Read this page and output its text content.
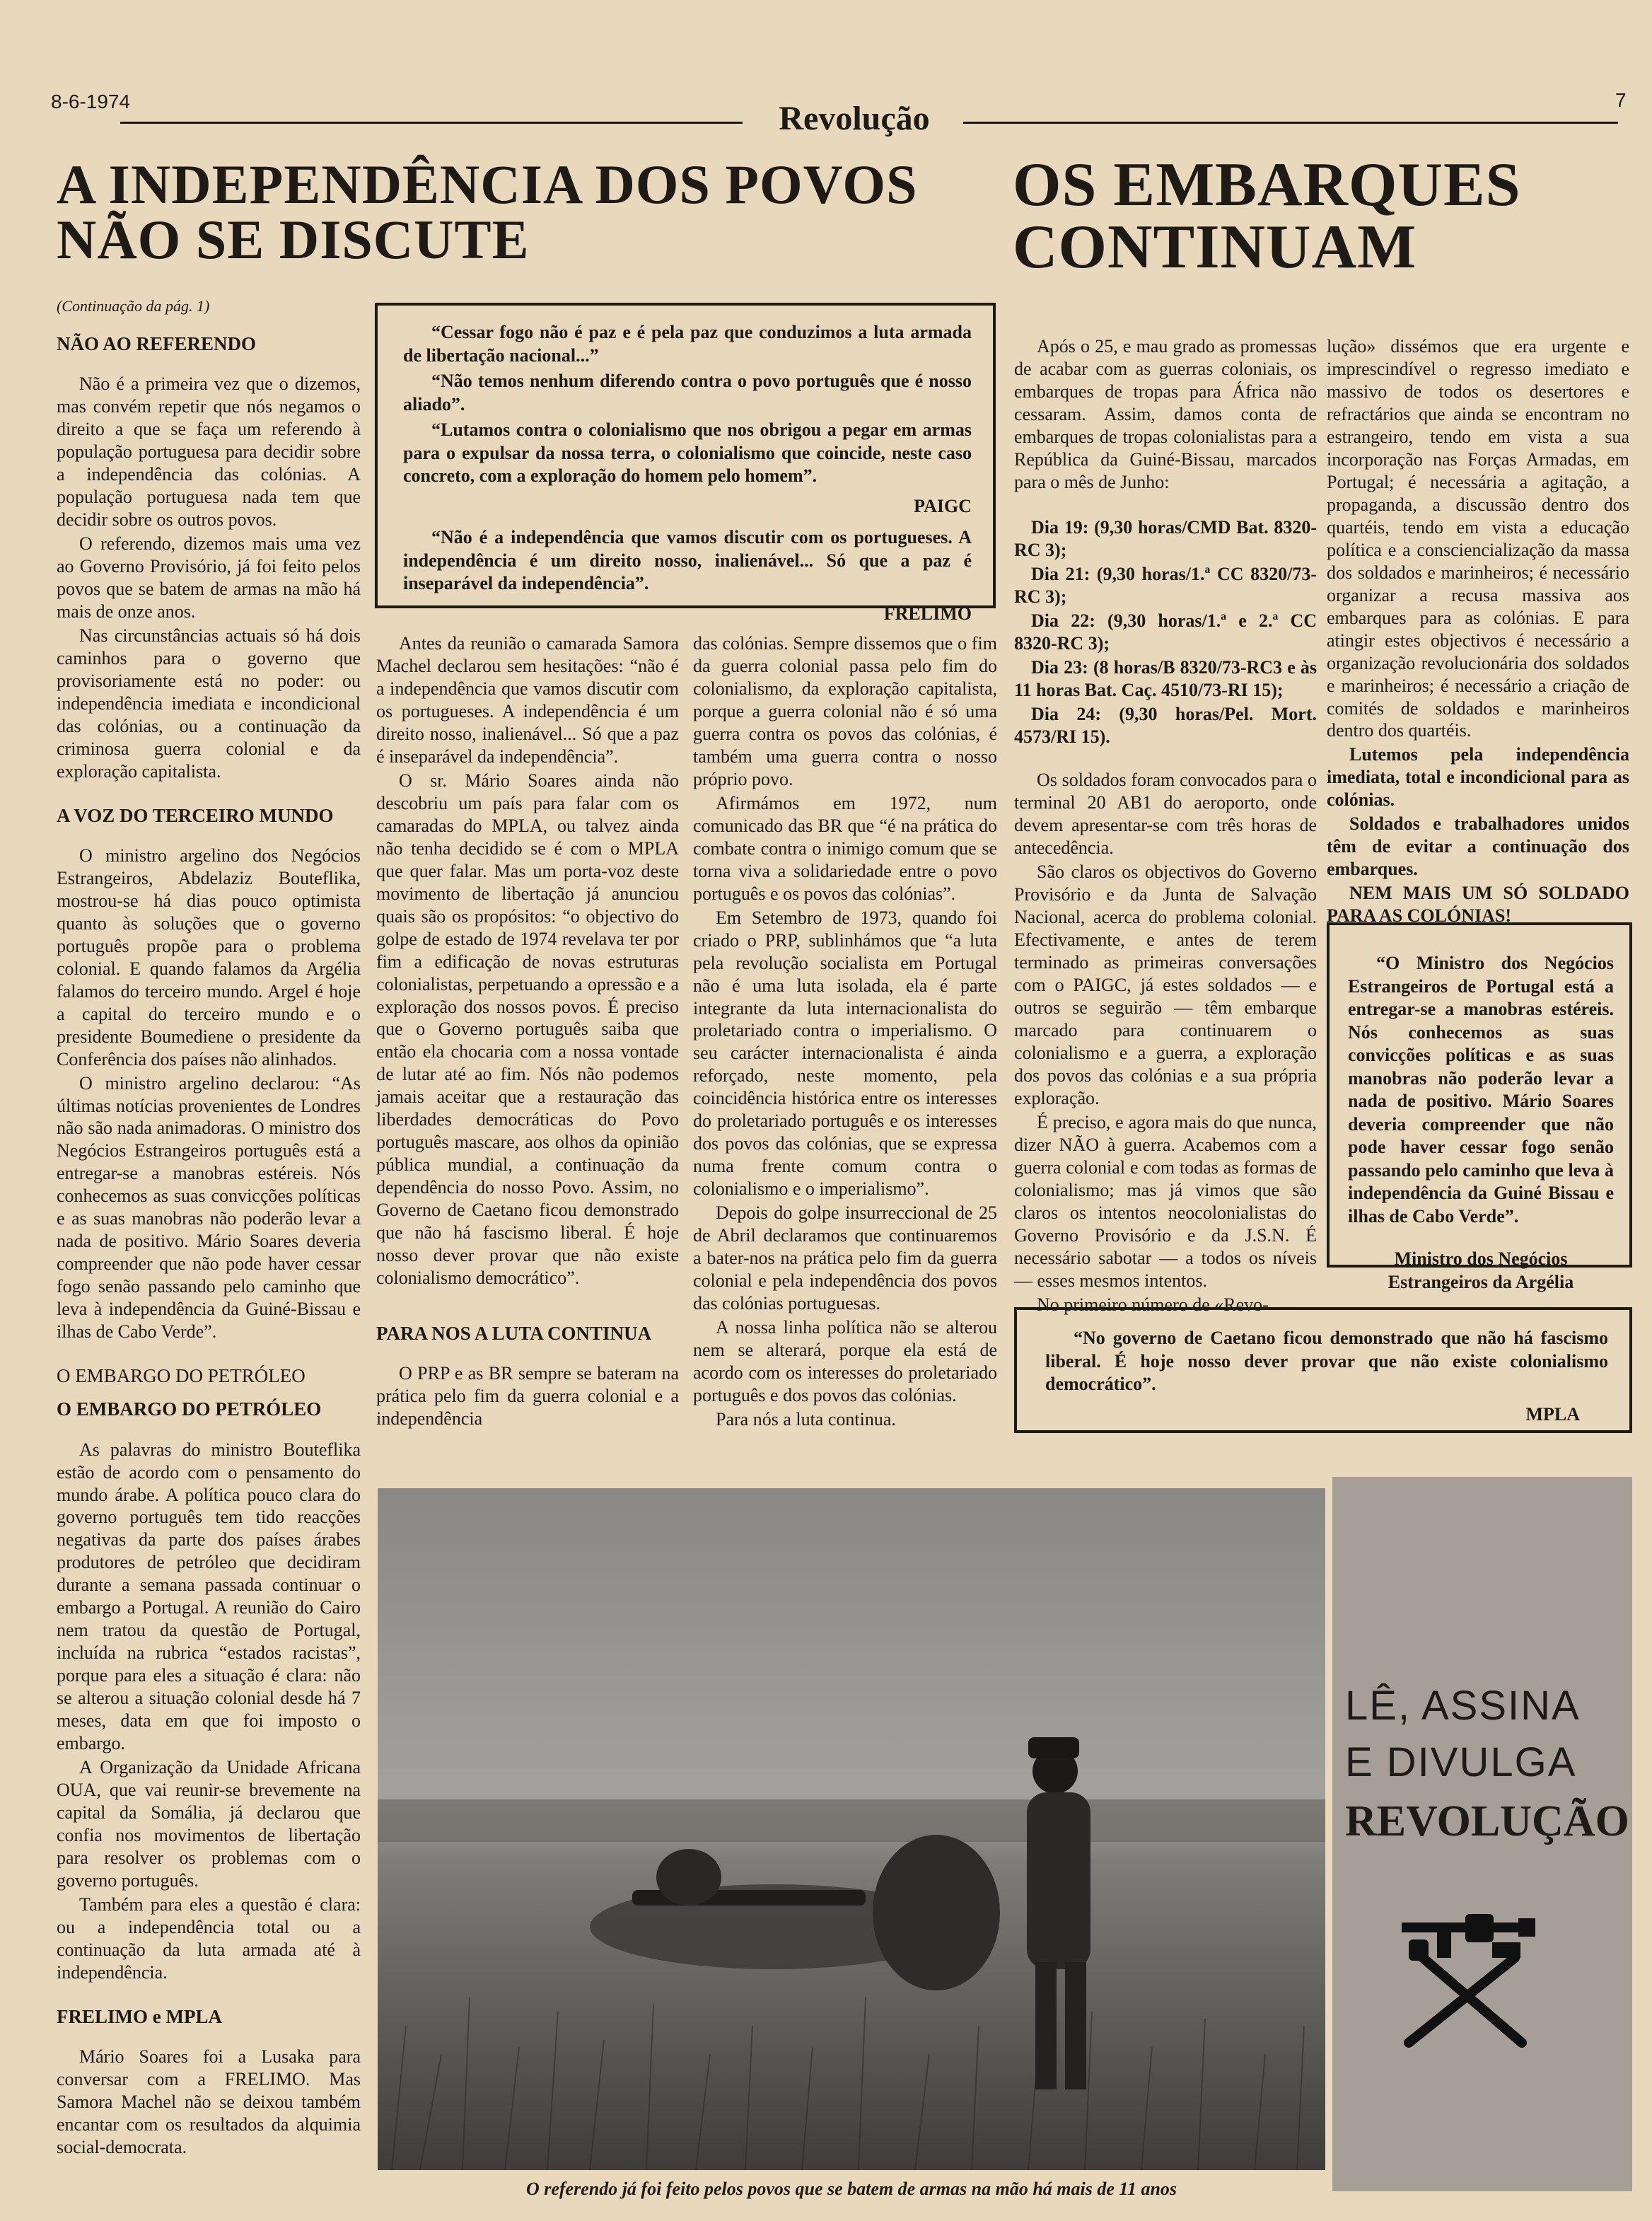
8-6-1974	Revolução	7
A INDEPENDÊNCIA DOS POVOS
NÃO SE DISCUTE
OS EMBARQUES
CONTINUAM
(Continuação da pág. 1)
NÃO AO REFERENDO

Não é a primeira vez que o dizemos, mas convém repetir que nós negamos o direito a que se faça um referendo à população portuguesa para decidir sobre a independência das colónias. A população portuguesa nada tem que decidir sobre os outros povos.

O referendo, dizemos mais uma vez ao Governo Provisório, já foi feito pelos povos que se batem de armas na mão há mais de onze anos.

Nas circunstâncias actuais só há dois caminhos para o governo que provisoriamente está no poder: ou independência imediata e incondicional das colónias, ou a continuação da criminosa guerra colonial e da exploração capitalista.

A VOZ DO TERCEIRO MUNDO

O ministro argelino dos Negócios Estrangeiros, Abdelaziz Bouteflika, mostrou-se há dias pouco optimista quanto às soluções que o governo português propõe para o problema colonial. E quando falamos da Argélia falamos do terceiro mundo. Argel é hoje a capital do terceiro mundo e o presidente Boumediene o presidente da Conferência dos países não alinhados.

O ministro argelino declarou: “As últimas notícias provenientes de Londres não são nada animadoras. O ministro dos Negócios Estrangeiros português está a entregar-se a manobras estéreis. Nós conhecemos as suas convicções políticas e as suas manobras não poderão levar a nada de positivo. Mário Soares deveria compreender que não pode haver cessar fogo senão passando pelo caminho que leva à independência da Guiné-Bissau e ilhas de Cabo Verde”.

O EMBARGO DO PETRÓLEO
O EMBARGO DO PETRÓLEO

As palavras do ministro Bouteflika estão de acordo com o pensamento do mundo árabe. A política pouco clara do governo português tem tido reacções negativas da parte dos países árabes produtores de petróleo que decidiram durante a semana passada continuar o embargo a Portugal. A reunião do Cairo nem tratou da questão de Portugal, incluída na rubrica “estados racistas”, porque para eles a situação é clara: não se alterou a situação colonial desde há 7 meses, data em que foi imposto o embargo.

A Organização da Unidade Africana OUA, que vai reunir-se brevemente na capital da Somália, já declarou que confia nos movimentos de libertação para resolver os problemas com o governo português.

Também para eles a questão é clara: ou a independência total ou a continuação da luta armada até à independência.

FRELIMO e MPLA

Mário Soares foi a Lusaka para conversar com a FRELIMO. Mas Samora Machel não se deixou também encantar com os resultados da alquimia social-democrata.

“Cessar fogo não é paz e é pela paz que conduzimos a luta armada de libertação nacional...”

“Não temos nenhum diferendo contra o povo português que é nosso aliado”.

“Lutamos contra o colonialismo que nos obrigou a pegar em armas para o expulsar da nossa terra, o colonialismo que coincide, neste caso concreto, com a exploração do homem pelo homem”.

PAIGC

“Não é a independência que vamos discutir com os portugueses. A independência é um direito nosso, inalienável... Só que a paz é inseparável da independência”.

FRELIMO

Antes da reunião o camarada Samora Machel declarou sem hesitações: “não é a independência que vamos discutir com os portugueses. A independência é um direito nosso, inalienável... Só que a paz é inseparável da independência”.

O sr. Mário Soares ainda não descobriu um país para falar com os camaradas do MPLA, ou talvez ainda não tenha decidido se é com o MPLA que quer falar. Mas um porta-voz deste movimento de libertação já anunciou quais são os propósitos: “o objectivo do golpe de estado de 1974 revelava ter por fim a edificação de novas estruturas colonialistas, perpetuando a opressão e a exploração dos nossos povos. É preciso que o Governo português saiba que então ela chocaria com a nossa vontade de lutar até ao fim. Nós não podemos jamais aceitar que a restauração das liberdades democráticas do Povo português mascare, aos olhos da opinião pública mundial, a continuação da dependência do nosso Povo. Assim, no Governo de Caetano ficou demonstrado que não há fascismo liberal. É hoje nosso dever provar que não existe colonialismo democrático”.

PARA NOS A LUTA CONTINUA

O PRP e as BR sempre se bateram na prática pelo fim da guerra colonial e a independência

das colónias. Sempre dissemos que o fim da guerra colonial passa pelo fim do colonialismo, da exploração capitalista, porque a guerra colonial não é só uma guerra contra os povos das colónias, é também uma guerra contra o nosso próprio povo.

Afirmámos em 1972, num comunicado das BR que “é na prática do combate contra o inimigo comum que se torna viva a solidariedade entre o povo português e os povos das colónias”.

Em Setembro de 1973, quando foi criado o PRP, sublinhámos que “a luta pela revolução socialista em Portugal não é uma luta isolada, ela é parte integrante da luta internacionalista do proletariado contra o imperialismo. O seu carácter internacionalista é ainda reforçado, neste momento, pela coincidência histórica entre os interesses do proletariado português e os interesses dos povos das colónias, que se expressa numa frente comum contra o colonialismo e o imperialismo”.

Depois do golpe insurreccional de 25 de Abril declaramos que continuaremos a bater-nos na prática pelo fim da guerra colonial e pela independência dos povos das colónias portuguesas.

A nossa linha política não se alterou nem se alterará, porque ela está de acordo com os interesses do proletariado português e dos povos das colónias.

Para nós a luta continua.

Após o 25, e mau grado as promessas de acabar com as guerras coloniais, os embarques de tropas para África não cessaram. Assim, damos conta de embarques de tropas colonialistas para a República da Guiné-Bissau, marcados para o mês de Junho:

Dia 19: (9,30 horas/CMD Bat. 8320-RC 3);

Dia 21: (9,30 horas/1.ª CC 8320/73-RC 3);

Dia 22: (9,30 horas/1.ª e 2.ª CC 8320-RC 3);

Dia 23: (8 horas/B 8320/73-RC3 e às 11 horas Bat. Caç. 4510/73-RI 15);

Dia 24: (9,30 horas/Pel. Mort. 4573/RI 15).

Os soldados foram convocados para o terminal 20 AB1 do aeroporto, onde devem apresentar-se com três horas de antecedência.

São claros os objectivos do Governo Provisório e da Junta de Salvação Nacional, acerca do problema colonial. Efectivamente, e antes de terem terminado as primeiras conversações com o PAIGC, já estes soldados — e outros se seguirão — têm embarque marcado para continuarem o colonialismo e a guerra, a exploração dos povos das colónias e a sua própria exploração.

É preciso, e agora mais do que nunca, dizer NÃO à guerra. Acabemos com a guerra colonial e com todas as formas de colonialismo; mas já vimos que são claros os intentos neocolonialistas do Governo Provisório e da J.S.N. É necessário sabotar — a todos os níveis — esses mesmos intentos.

No primeiro número de «Revo-

lução» dissémos que era urgente e imprescindível o regresso imediato e massivo de todos os desertores e refractários que ainda se encontram no estrangeiro, tendo em vista a sua incorporação nas Forças Armadas, em Portugal; é necessária a agitação, a propaganda, a discussão dentro dos quartéis, tendo em vista a educação política e a consciencialização da massa dos soldados e marinheiros; é necessário organizar a recusa massiva aos embarques para as colónias. E para atingir estes objectivos é necessário a organização revolucionária dos soldados e marinheiros; é necessário a criação de comités de soldados e marinheiros dentro dos quartéis.

Lutemos pela independência imediata, total e incondicional para as colónias.

Soldados e trabalhadores unidos têm de evitar a continuação dos embarques.

NEM MAIS UM SÓ SOLDADO PARA AS COLÓNIAS!

“O Ministro dos Negócios Estrangeiros de Portugal está a entregar-se a manobras estéreis. Nós conhecemos as suas convicções políticas e as suas manobras não poderão levar a nada de positivo. Mário Soares deveria compreender que não pode haver cessar fogo senão passando pelo caminho que leva à independência da Guiné Bissau e ilhas de Cabo Verde”.

Ministro dos Negócios Estrangeiros da Argélia

“No governo de Caetano ficou demonstrado que não há fascismo liberal. É hoje nosso dever provar que não existe colonialismo democrático”.

MPLA

O referendo já foi feito pelos povos que se batem de armas na mão há mais de 11 anos
LÊ, ASSINA
E DIVULGA
REVOLUÇÃO
